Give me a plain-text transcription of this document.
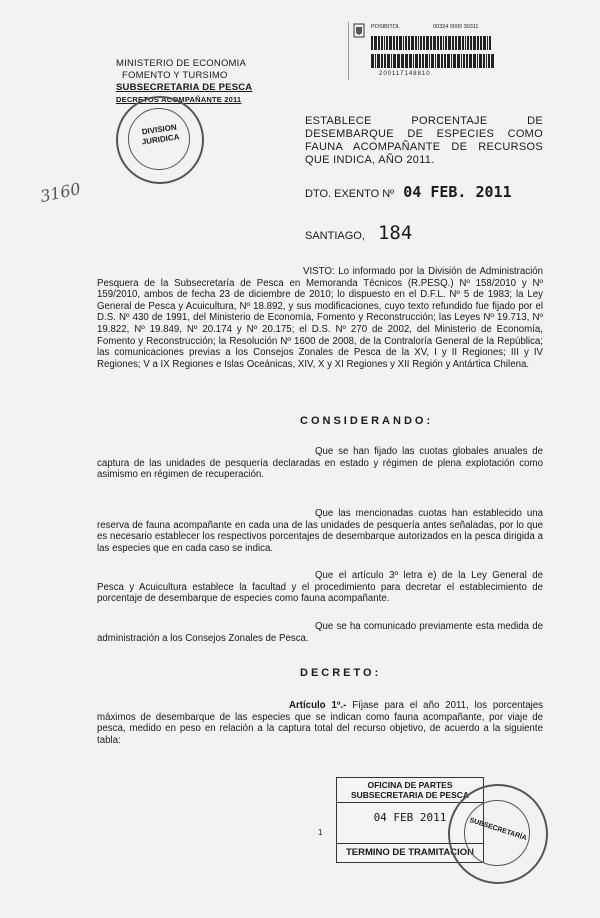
MINISTERIO DE ECONOMIA
FOMENTO Y TURSIMO
SUBSECRETARIA DE PESCA
DECRETOS ACOMPAÑANTE 2011
DIVISION
JURIDICA
3160
POSIBITOL	00324 0000 30311
200117148810
ESTABLECE PORCENTAJE DE DESEMBARQUE DE ESPECIES COMO FAUNA ACOMPAÑANTE DE RECURSOS QUE INDICA, AÑO 2011.
DTO. EXENTO Nº 04 FEB. 2011
SANTIAGO, 184
VISTO: Lo informado por la División de Administración Pesquera de la Subsecretaría de Pesca en Memoranda Técnicos (R.PESQ.) Nº 158/2010 y Nº 159/2010, ambos de fecha 23 de diciembre de 2010; lo dispuesto en el D.F.L. Nº 5 de 1983; la Ley General de Pesca y Acuicultura, Nº 18.892, y sus modificaciones, cuyo texto refundido fue fijado por el D.S. Nº 430 de 1991, del Ministerio de Economía, Fomento y Reconstrucción; las Leyes Nº 19.713, Nº 19.822, Nº 19.849, Nº 20.174 y Nº 20.175; el D.S. Nº 270 de 2002, del Ministerio de Economía, Fomento y Reconstrucción; la Resolución Nº 1600 de 2008, de la Contraloría General de la República; las comunicaciones previas a los Consejos Zonales de Pesca de la XV, I y II Regiones; III y IV Regiones; V a IX Regiones e Islas Oceánicas, XIV, X y XI Regiones y XII Región y Antártica Chilena.
CONSIDERANDO:
Que se han fijado las cuotas globales anuales de captura de las unidades de pesquería declaradas en estado y régimen de plena explotación como asimismo en régimen de recuperación.
Que las mencionadas cuotas han establecido una reserva de fauna acompañante en cada una de las unidades de pesquería antes señaladas, por lo que es necesario establecer los respectivos porcentajes de desembarque autorizados en la pesca dirigida a las especies que en cada caso se indica.
Que el artículo 3º letra e) de la Ley General de Pesca y Acuicultura establece la facultad y el procedimiento para decretar el establecimiento de porcentaje de desembarque de especies como fauna acompañante.
Que se ha comunicado previamente esta medida de administración a los Consejos Zonales de Pesca.
DECRETO:
Artículo 1º.- Fíjase para el año 2011, los porcentajes máximos de desembarque de las especies que se indican como fauna acompañante, por viaje de pesca, medido en peso en relación a la captura total del recurso objetivo, de acuerdo a la siguiente tabla:
OFICINA DE PARTES
SUBSECRETARIA DE PESCA
04 FEB 2011
TERMINO DE TRAMITACION
SUBSECRETARÍA
1
